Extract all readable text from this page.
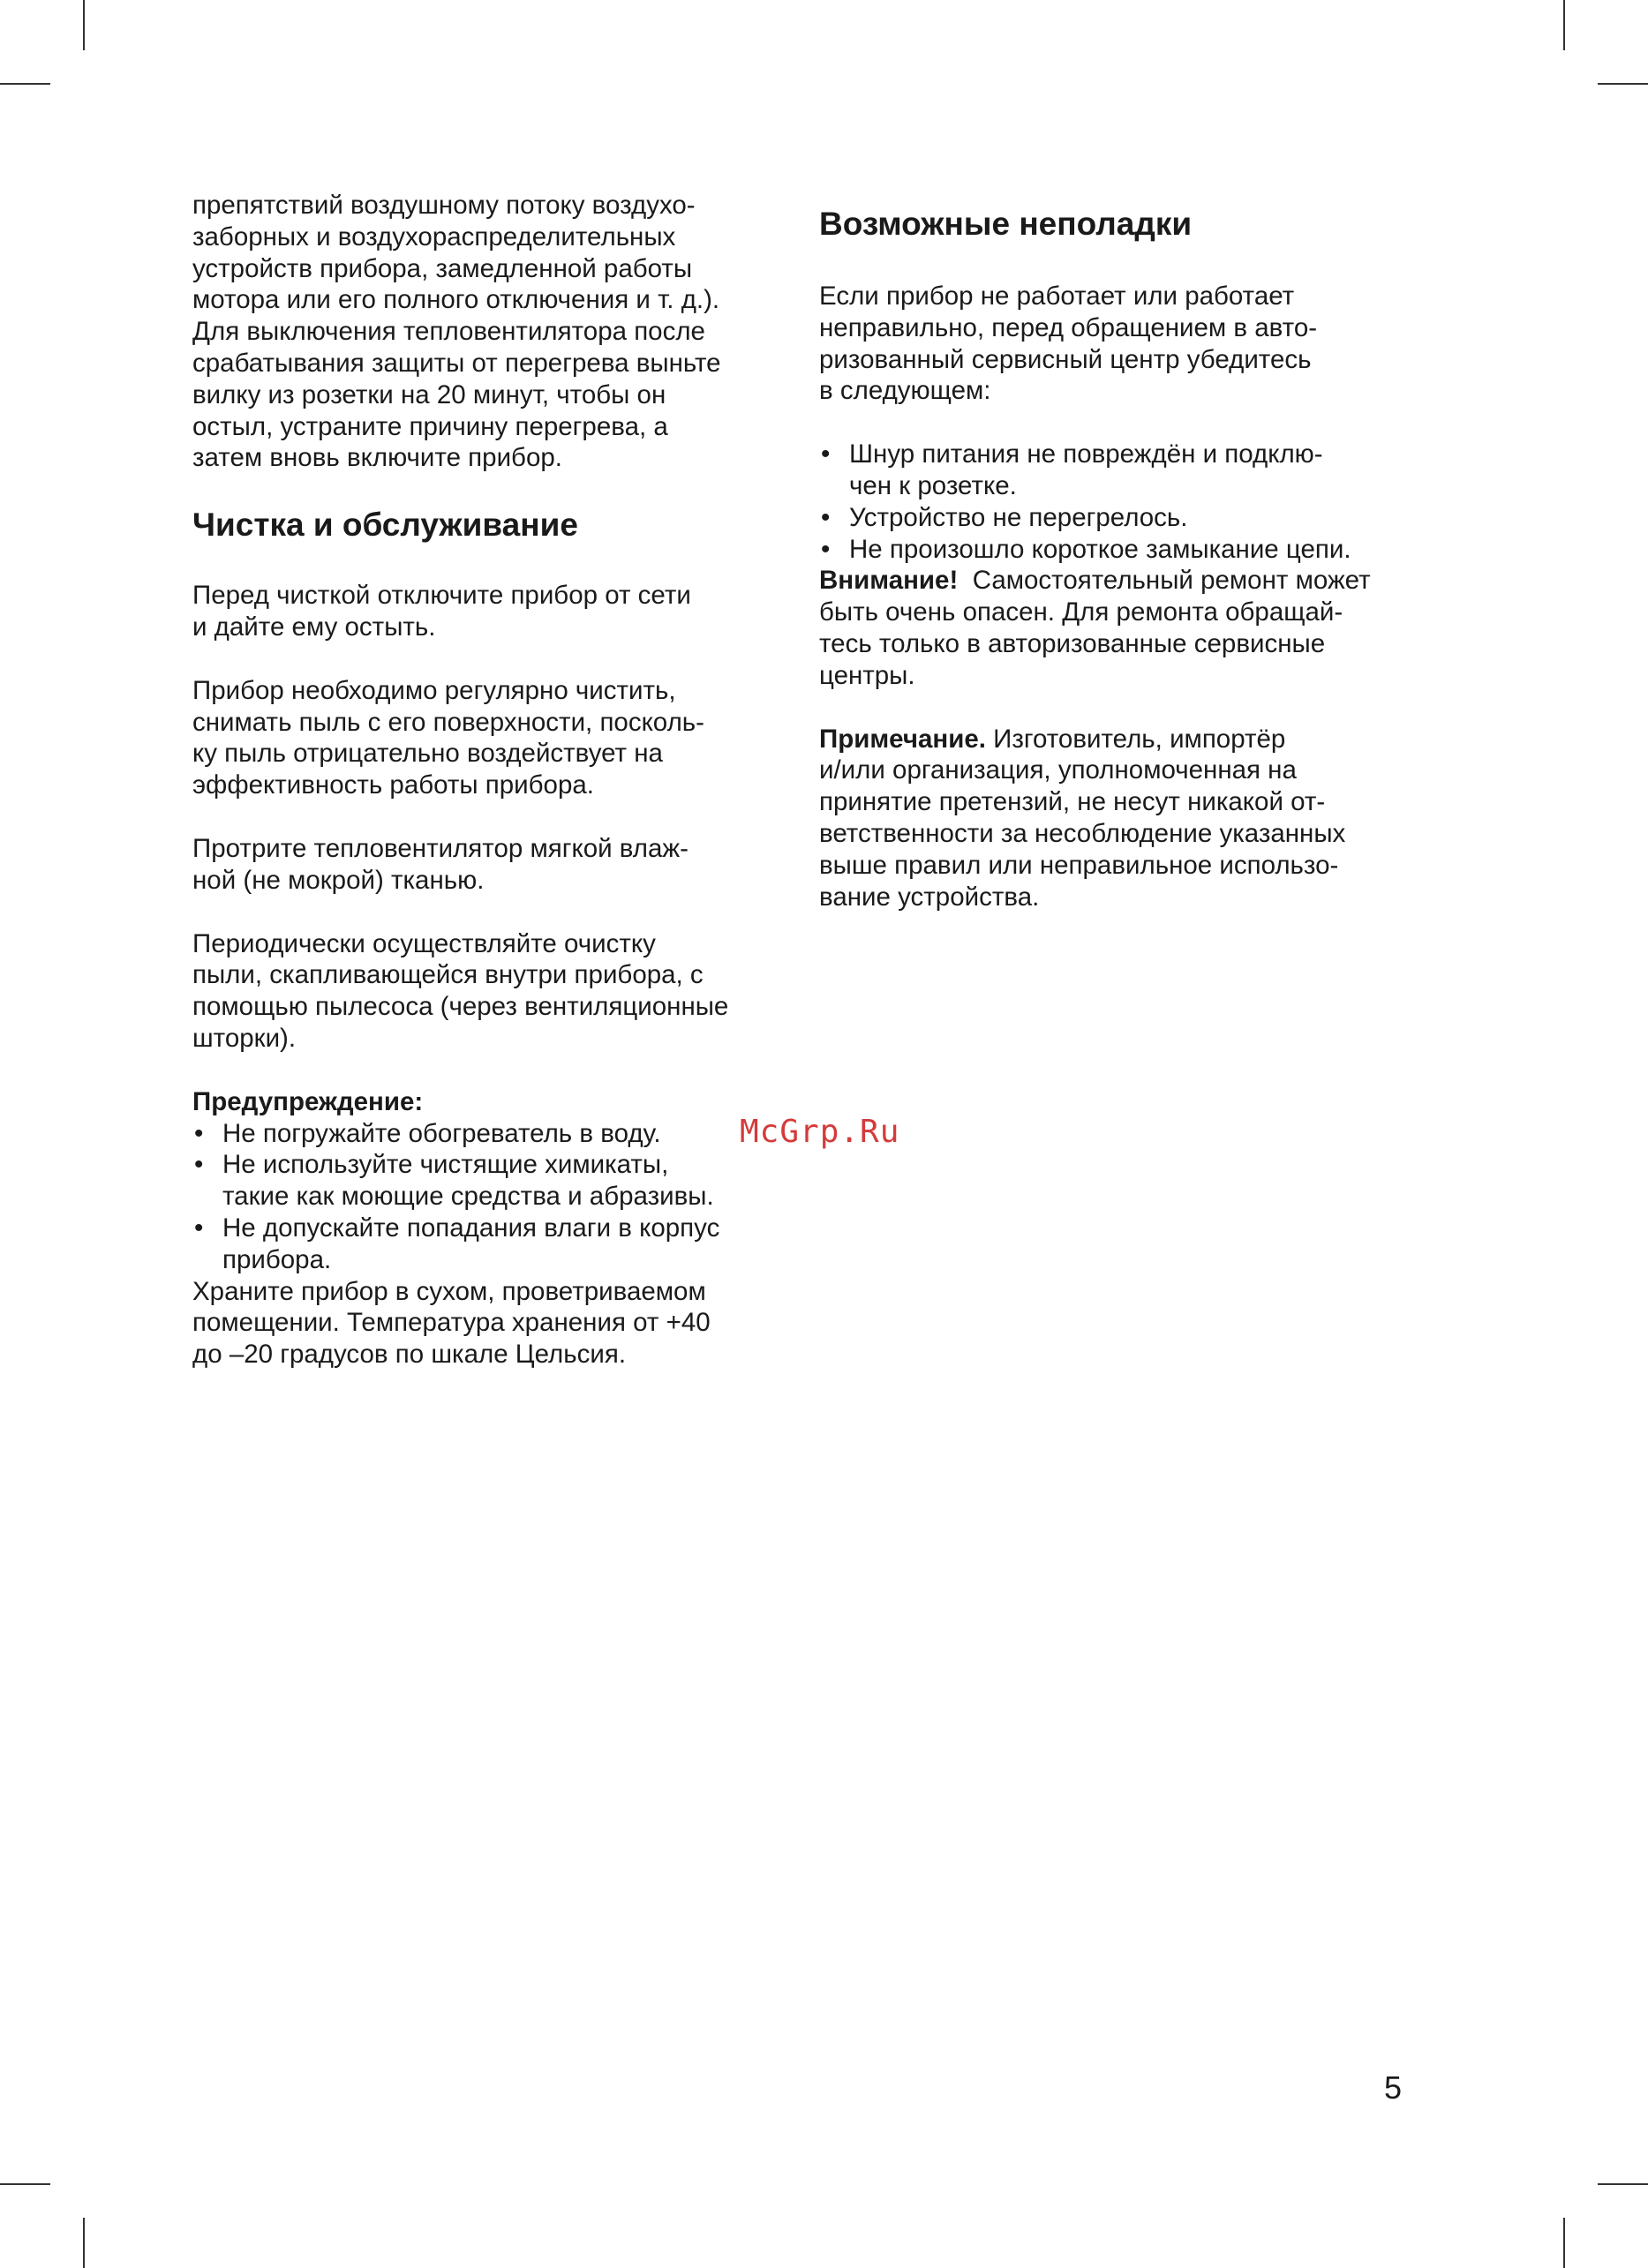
препятствий воздушному потоку воздухо-
заборных и воздухораспределительных
устройств прибора, замедленной работы
мотора или его полного отключения и т. д.).
Для выключения тепловентилятора после
срабатывания защиты от перегрева выньте
вилку из розетки на 20 минут, чтобы он
остыл, устраните причину перегрева, а
затем вновь включите прибор.

Чистка и обслуживание

Перед чисткой отключите прибор от сети
и дайте ему остыть.

Прибор необходимо регулярно чистить,
снимать пыль с его поверхности, посколь-
ку пыль отрицательно воздействует на
эффективность работы прибора.

Протрите тепловентилятор мягкой влаж-
ной (не мокрой) тканью.

Периодически осуществляйте очистку
пыли, скапливающейся внутри прибора, с
помощью пылесоса (через вентиляционные
шторки).

Предупреждение:

• Не погружайте обогреватель в воду.
• Не используйте чистящие химикаты,
такие как моющие средства и абразивы.
• Не допускайте попадания влаги в корпус
прибора.

Храните прибор в сухом, проветриваемом
помещении. Температура хранения от +40
до –20 градусов по шкале Цельсия.

Возможные неполадки

Если прибор не работает или работает
неправильно, перед обращением в авто-
ризованный сервисный центр убедитесь
в следующем:

• Шнур питания не повреждён и подклю-
чен к розетке.
• Устройство не перегрелось.
• Не произошло короткое замыкание цепи.

Внимание! Самостоятельный ремонт может
быть очень опасен. Для ремонта обращай-
тесь только в авторизованные сервисные
центры.

Примечание. Изготовитель, импортёр
и/или организация, уполномоченная на
принятие претензий, не несут никакой от-
ветственности за несоблюдение указанных
выше правил или неправильное использо-
вание устройства.

McGrp.Ru
5
